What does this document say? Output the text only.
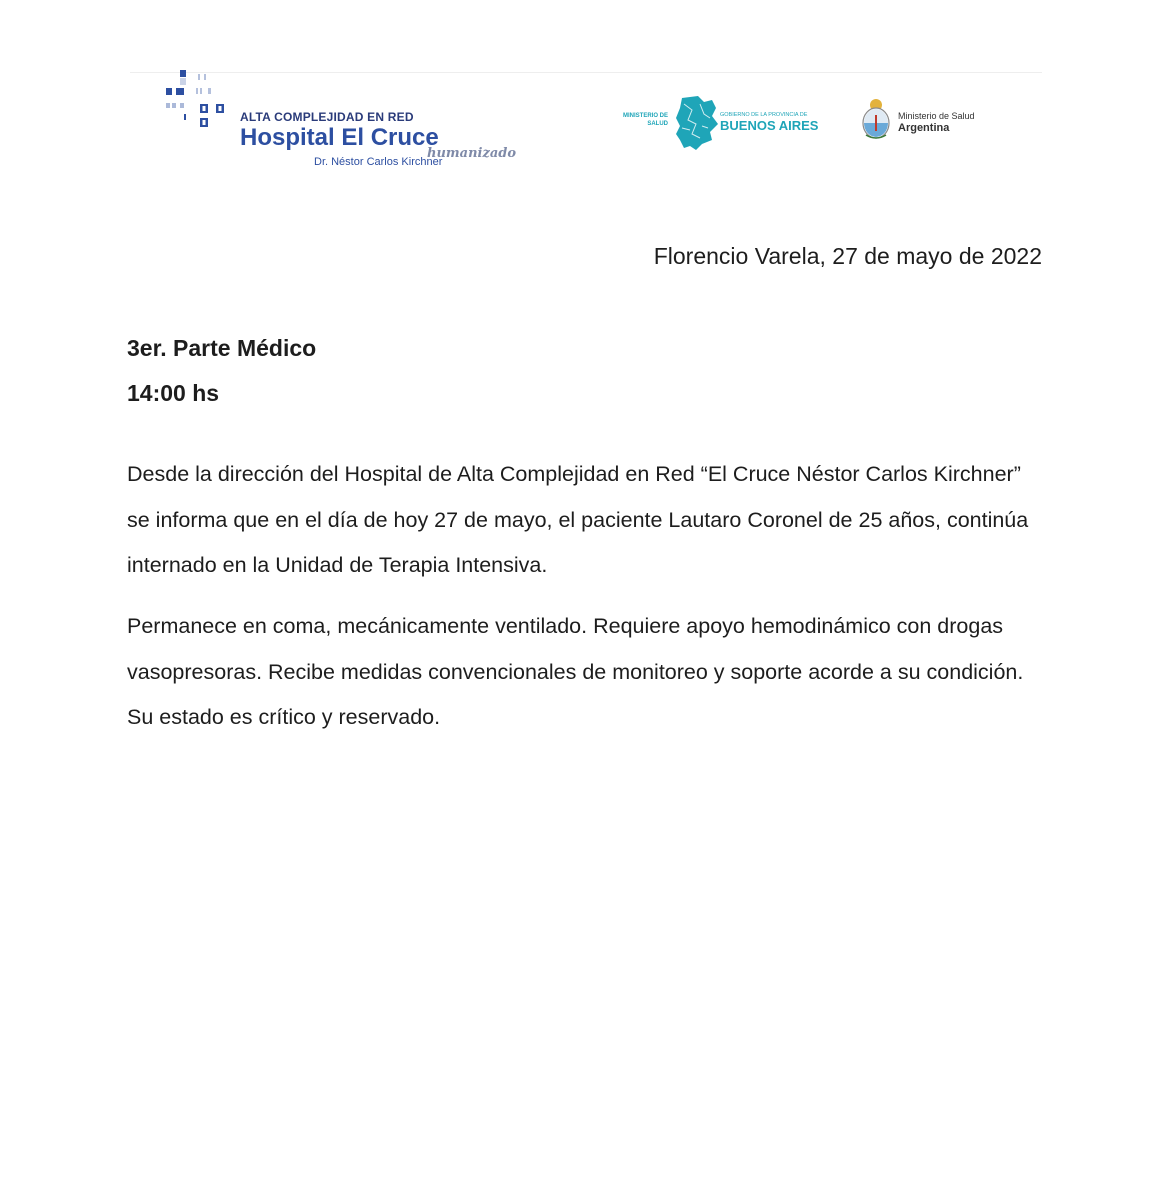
ALTA COMPLEJIDAD EN RED
Hospital El Cruce
humanizado
Dr. Néstor Carlos Kirchner
MINISTERIO DE
SALUD
GOBIERNO DE LA PROVINCIA DE
BUENOS AIRES
Ministerio de Salud
Argentina
Florencio Varela, 27 de mayo de 2022
3er. Parte Médico
14:00 hs

Desde la dirección del Hospital de Alta Complejidad en Red “El Cruce Néstor Carlos Kirchner” se informa que en el día de hoy 27 de mayo, el paciente Lautaro Coronel de 25 años, continúa internado en la Unidad de Terapia Intensiva.

Permanece en coma, mecánicamente ventilado. Requiere apoyo hemodinámico con drogas vasopresoras. Recibe medidas convencionales de monitoreo y soporte acorde a su condición. Su estado es crítico y reservado.
